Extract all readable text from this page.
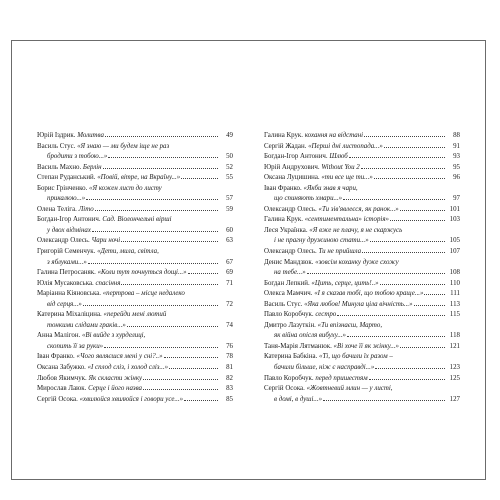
Юрій Іздрик. Молитва	49
Василь Стус. «Я знаю — ми будем іще не раз
бродити з тобою...»	50
Василь Махно. Берлін	52
Степан Руданський. «Повій, вітре, на Вкраїну...»	55
Борис Грінченко. «Я кожен лист до листу
прикалюю...»	57
Олена Теліга. Літо	59
Богдан-Ігор Антонич. Сад. Віолончельні вірші
у двох відмінах	60
Олександр Олесь. Чари ночі	63
Григорій Семенчук. «Дети, мила, світла,
з яблуками...»	67
Галина Петросаняк. «Коли тут почнуться дощі...»	69
Юлія Мусаковська. спасіння	71
Маріанна Кіяновська. «пертрова – місце недалеко
від серця...»	72
Катерина Міхаліцина. «перейди мені лютий
тонкими слідами граків...»	74
Анна Малігон. «Ві вийде з хурделиці,
скопить її за руки»	76
Іван Франко. «Чого являєшся мені у сні?..»	78
Оксана Забужко. «І сплод сліз, і холод сліз...»	81
Любов Якимчук. Як скласти жінку	82
Мирослав Лаюк. Серце і його назва	83
Сергій Осока. «хвилюйся хвилюйся і говори усе...»	85
Галина Крук. кохання на відстані	88
Сергій Жадан. «Перші дні листопада...»	91
Богдан-Ігор Антонич. Шлюб	93
Юрій Андрухович. Without You 2	95
Оксана Луцишина. «ти все ще ти...»	96
Іван Франко. «Якби знав я чари,
що спиняють хмари...»	97
Олександр Олесь. «Ти зів'явлеєся, як ранок...»	101
Галина Крук. «сентиментальна» історія»	103
Леся Українка. «Я вже не плачу, я не скаржусь
і не прагну дружиною стати...»	105
Олександр Олесь. Ти не прийшла	107
Денис Мандзюк. «зовсім коханку дуже схожу
на тебе...»	108
Богдан Лепкий. «Цить, серце, цить!..»	110
Олекса Мамчич. «І я сказав тобі, що тобою краще...»	111
Василь Стус. «Яка любов! Минула ціла вічність...»	113
Павло Коробчук. сестро	115
Дмитро Лазуткін. «Ти впізнаєш, Марто,
як війна опісля вибуху...»	118
Таня-Марія Лятманюк. «Ві хоче її як жінку...»	121
Катерина Бабкіна. «Ті, що бачили їх разом –
бачили більше, ніж є насправді...»	123
Павло Коробчук. перед пришестям	125
Сергій Осока. «Жовтневий млин — у листі,
в домі, в душі...»	127
